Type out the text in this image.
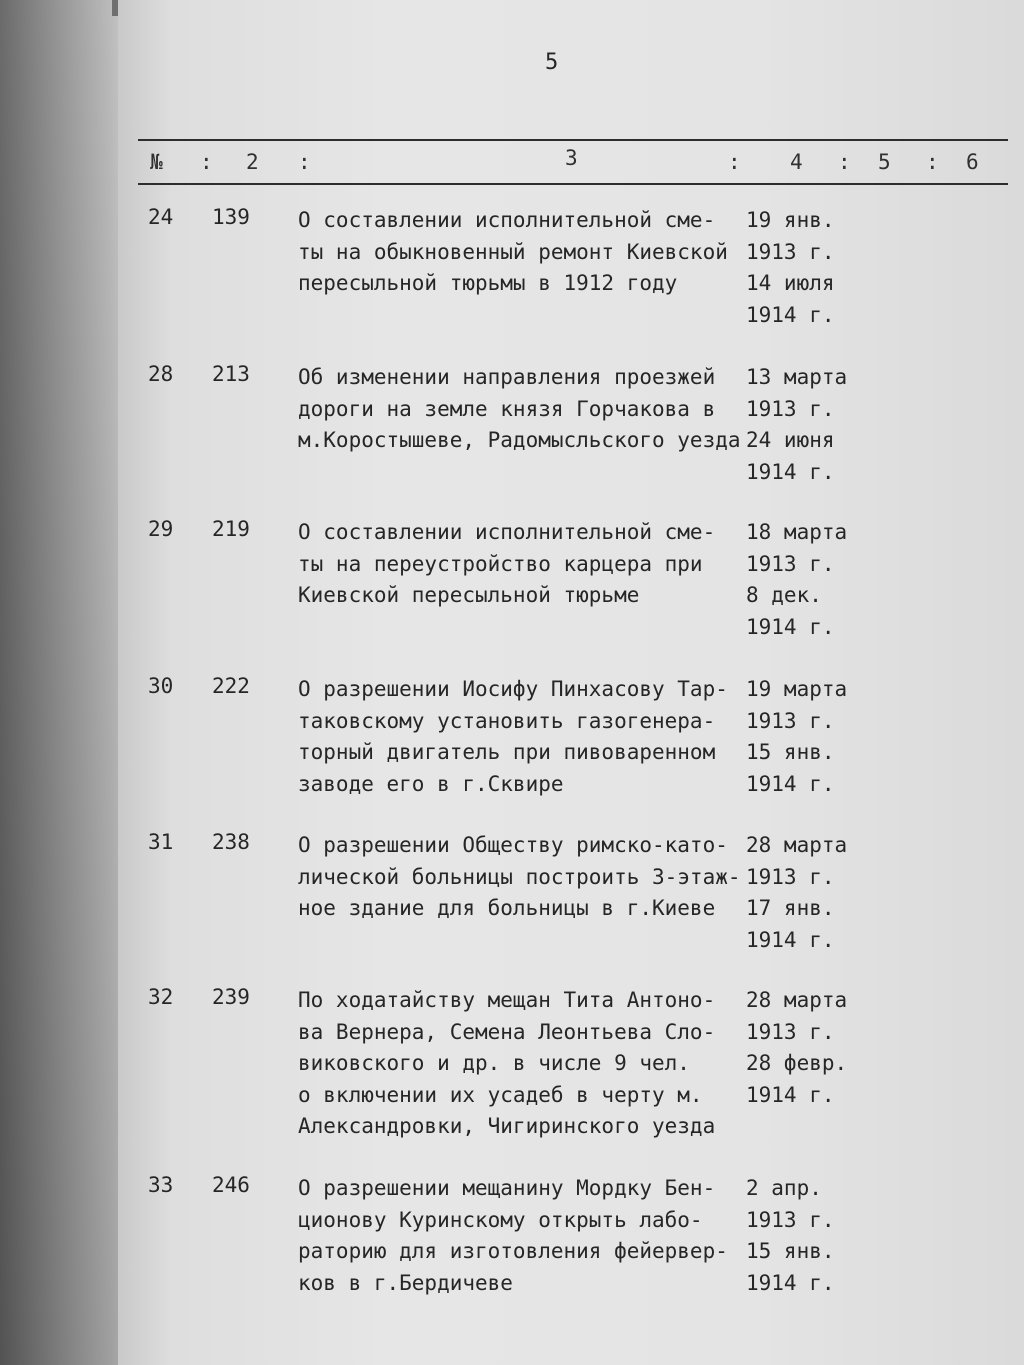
5
№ : 2 :	3	: 4 : 5 : 6
24 139 О составлении исполнительной сме-
ты на обыкновенный ремонт Киевской
пересыльной тюрьмы в 1912 году
19 янв.
1913 г.
14 июля
1914 г.
28 213 Об изменении направления проезжей
дороги на земле князя Горчакова в
м.Коростышеве, Радомысльского уезда
13 марта
1913 г.
24 июня
1914 г.
29 219 О составлении исполнительной сме-
ты на переустройство карцера при
Киевской пересыльной тюрьме
18 марта
1913 г.
8 дек.
1914 г.
30 222 О разрешении Иосифу Пинхасову Тар-
таковскому установить газогенера-
торный двигатель при пивоваренном
заводе его в г.Сквире
19 марта
1913 г.
15 янв.
1914 г.
31 238 О разрешении Обществу римско-като-
лической больницы построить 3-этаж-
ное здание для больницы в г.Киеве
28 марта
1913 г.
17 янв.
1914 г.
32 239 По ходатайству мещан Тита Антоно-
ва Вернера, Семена Леонтьева Сло-
виковского и др. в числе 9 чел.
о включении их усадеб в черту м.
Александровки, Чигиринского уезда
28 марта
1913 г.
28 февр.
1914 г.
33 246 О разрешении мещанину Мордку Бен-
ционову Куринскому открыть лабо-
раторию для изготовления фейервер-
ков в г.Бердичеве
2 апр.
1913 г.
15 янв.
1914 г.
